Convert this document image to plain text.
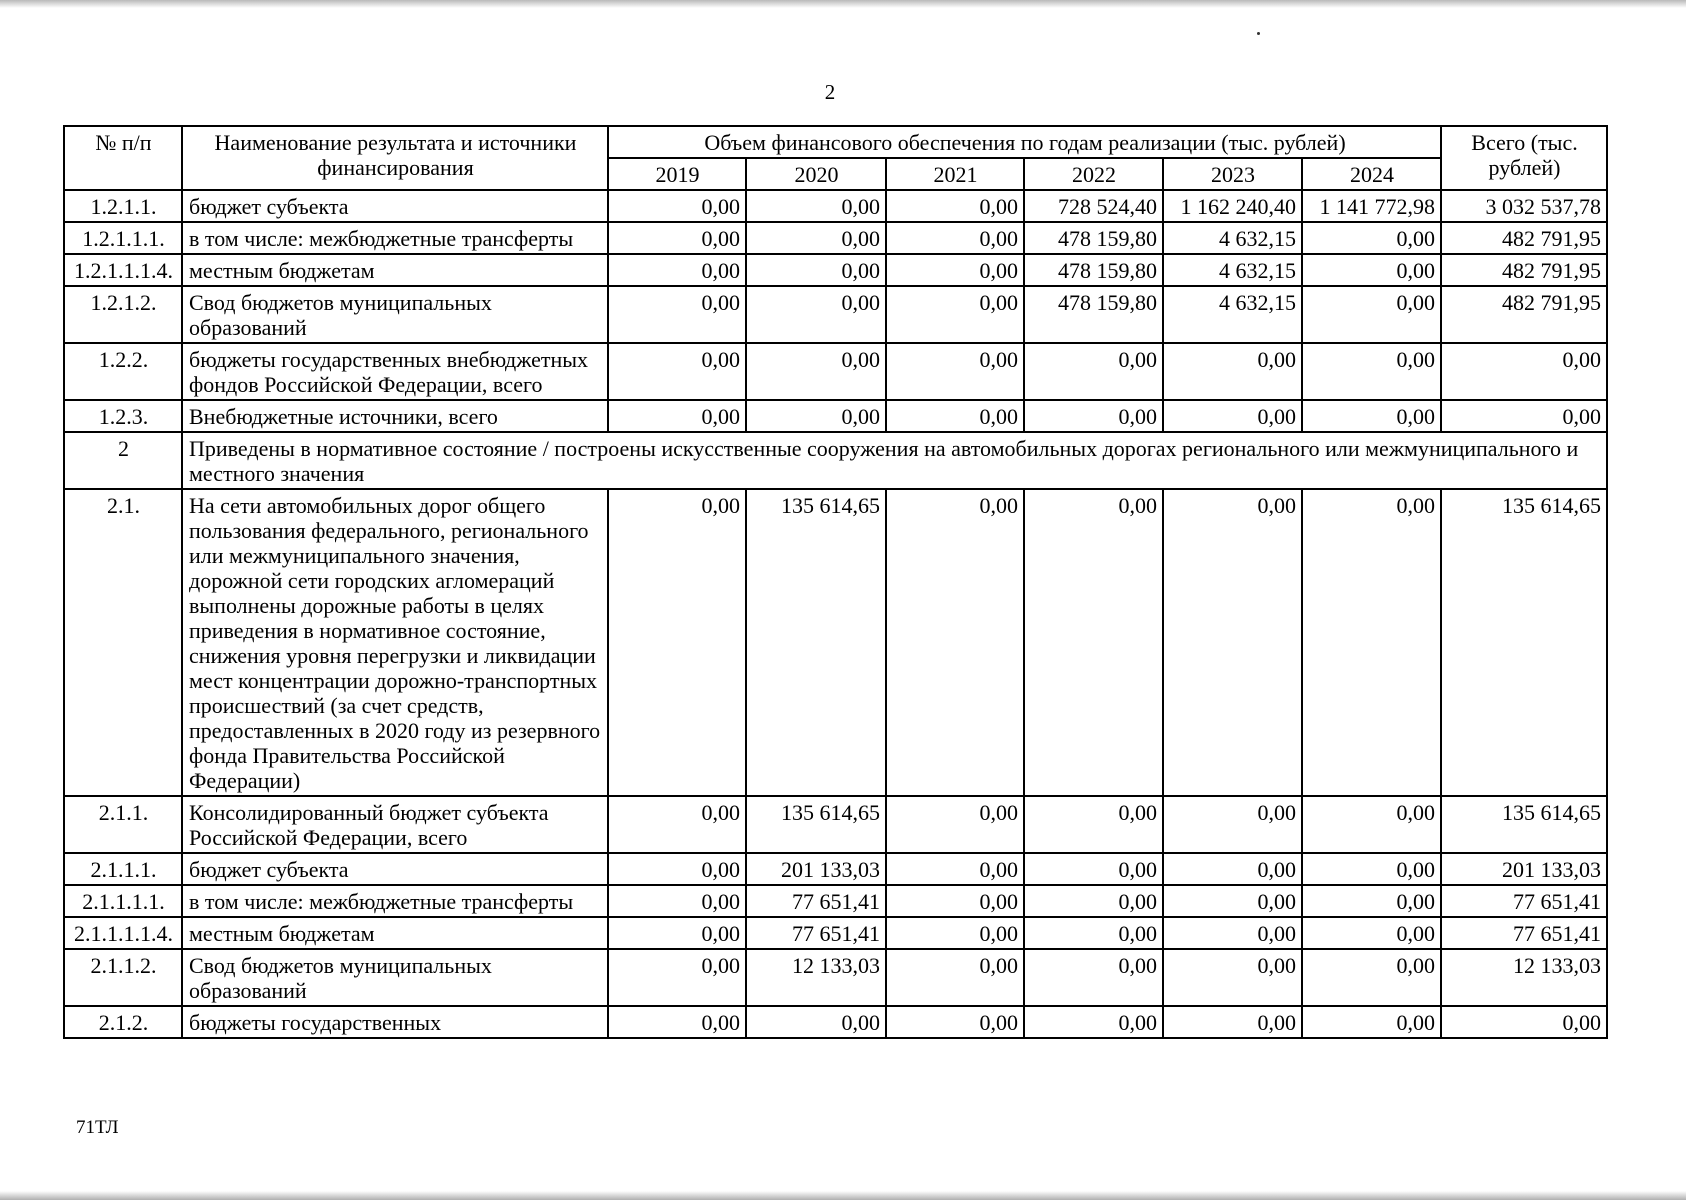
2
№ п/п	Наименование результата и источники финансирования	Объем финансового обеспечения по годам реализации (тыс. рублей)						Всего (тыс. рублей)
		2019	2020	2021	2022	2023	2024	
1.2.1.1.	бюджет субъекта	0,00	0,00	0,00	728 524,40	1 162 240,40	1 141 772,98	3 032 537,78
1.2.1.1.1.	в том числе: межбюджетные трансферты	0,00	0,00	0,00	478 159,80	4 632,15	0,00	482 791,95
1.2.1.1.1.4.	местным бюджетам	0,00	0,00	0,00	478 159,80	4 632,15	0,00	482 791,95
1.2.1.2.	Свод бюджетов муниципальных образований	0,00	0,00	0,00	478 159,80	4 632,15	0,00	482 791,95
1.2.2.	бюджеты государственных внебюджетных фондов Российской Федерации, всего	0,00	0,00	0,00	0,00	0,00	0,00	0,00
1.2.3.	Внебюджетные источники, всего	0,00	0,00	0,00	0,00	0,00	0,00	0,00
2	Приведены в нормативное состояние / построены искусственные сооружения на автомобильных дорогах регионального или межмуниципального и местного значения							
2.1.	На сети автомобильных дорог общего пользования федерального, регионального или межмуниципального значения, дорожной сети городских агломераций выполнены дорожные работы в целях приведения в нормативное состояние, снижения уровня перегрузки и ликвидации мест концентрации дорожно-транспортных происшествий (за счет средств, предоставленных в 2020 году из резервного фонда Правительства Российской Федерации)	0,00	135 614,65	0,00	0,00	0,00	0,00	135 614,65
2.1.1.	Консолидированный бюджет субъекта Российской Федерации, всего	0,00	135 614,65	0,00	0,00	0,00	0,00	135 614,65
2.1.1.1.	бюджет субъекта	0,00	201 133,03	0,00	0,00	0,00	0,00	201 133,03
2.1.1.1.1.	в том числе: межбюджетные трансферты	0,00	77 651,41	0,00	0,00	0,00	0,00	77 651,41
2.1.1.1.1.4.	местным бюджетам	0,00	77 651,41	0,00	0,00	0,00	0,00	77 651,41
2.1.1.2.	Свод бюджетов муниципальных образований	0,00	12 133,03	0,00	0,00	0,00	0,00	12 133,03
2.1.2.	бюджеты государственных	0,00	0,00	0,00	0,00	0,00	0,00	0,00
71ТЛ
